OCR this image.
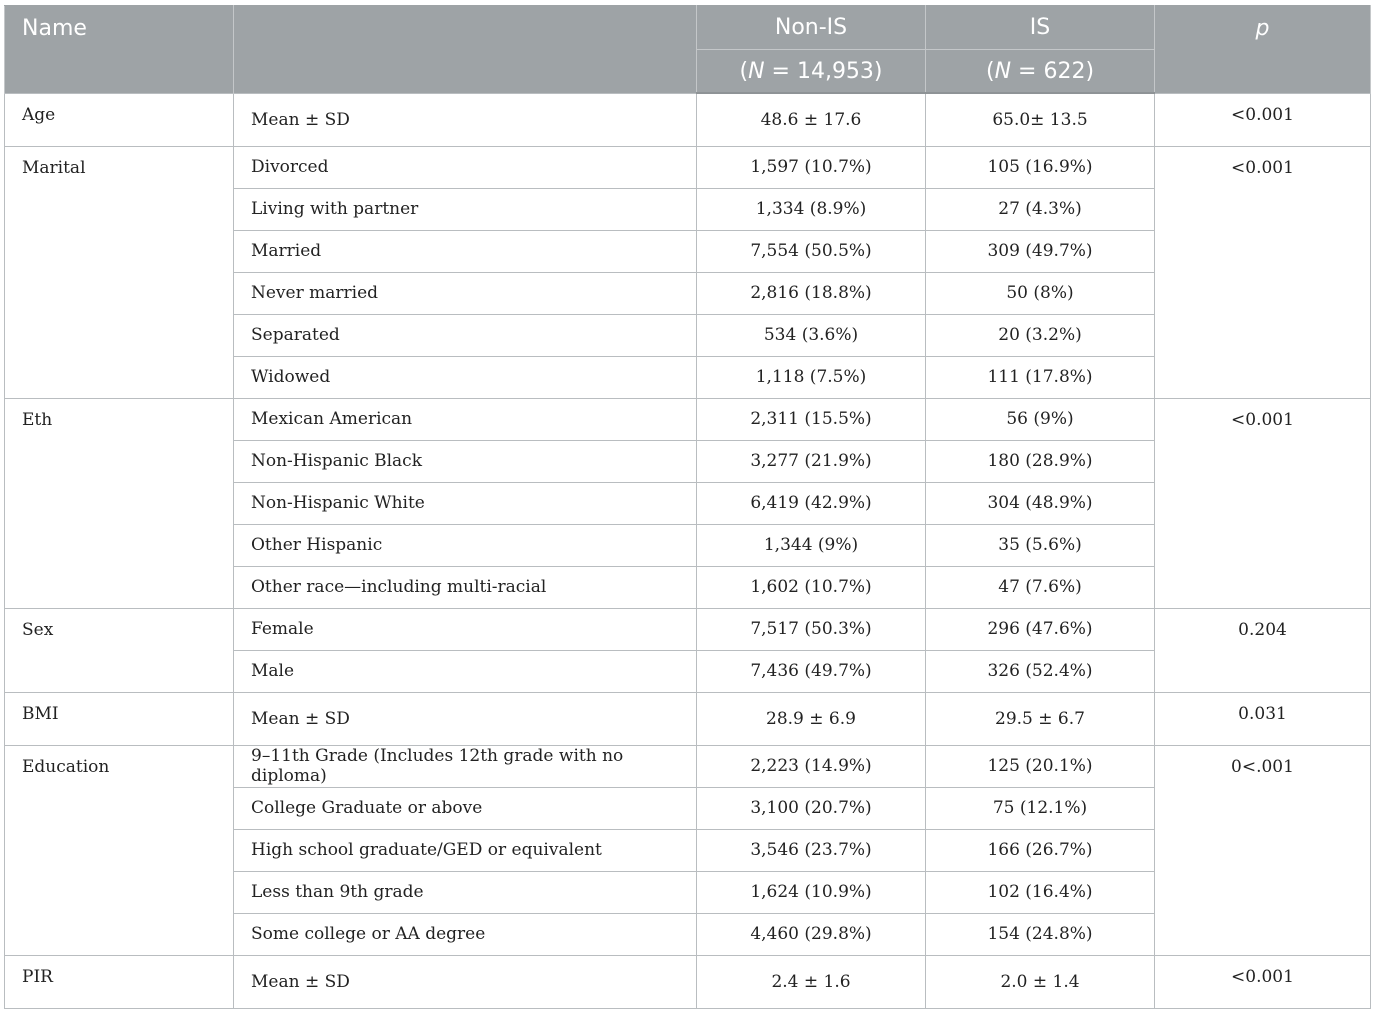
Name		Non-IS	IS	p
		(N = 14,953)	(N = 622)	
Age	Mean ± SD	48.6 ± 17.6	65.0± 13.5	<0.001
Marital	Divorced	1,597 (10.7%)	105 (16.9%)	<0.001
	Living with partner	1,334 (8.9%)	27 (4.3%)	
	Married	7,554 (50.5%)	309 (49.7%)	
	Never married	2,816 (18.8%)	50 (8%)	
	Separated	534 (3.6%)	20 (3.2%)	
	Widowed	1,118 (7.5%)	111 (17.8%)	
Eth	Mexican American	2,311 (15.5%)	56 (9%)	<0.001
	Non-Hispanic Black	3,277 (21.9%)	180 (28.9%)	
	Non-Hispanic White	6,419 (42.9%)	304 (48.9%)	
	Other Hispanic	1,344 (9%)	35 (5.6%)	
	Other race—including multi-racial	1,602 (10.7%)	47 (7.6%)	
Sex	Female	7,517 (50.3%)	296 (47.6%)	0.204
	Male	7,436 (49.7%)	326 (52.4%)	
BMI	Mean ± SD	28.9 ± 6.9	29.5 ± 6.7	0.031
Education	9–11th Grade (Includes 12th grade with no diploma)	2,223 (14.9%)	125 (20.1%)	0<.001
	College Graduate or above	3,100 (20.7%)	75 (12.1%)	
	High school graduate/GED or equivalent	3,546 (23.7%)	166 (26.7%)	
	Less than 9th grade	1,624 (10.9%)	102 (16.4%)	
	Some college or AA degree	4,460 (29.8%)	154 (24.8%)	
PIR	Mean ± SD	2.4 ± 1.6	2.0 ± 1.4	<0.001
